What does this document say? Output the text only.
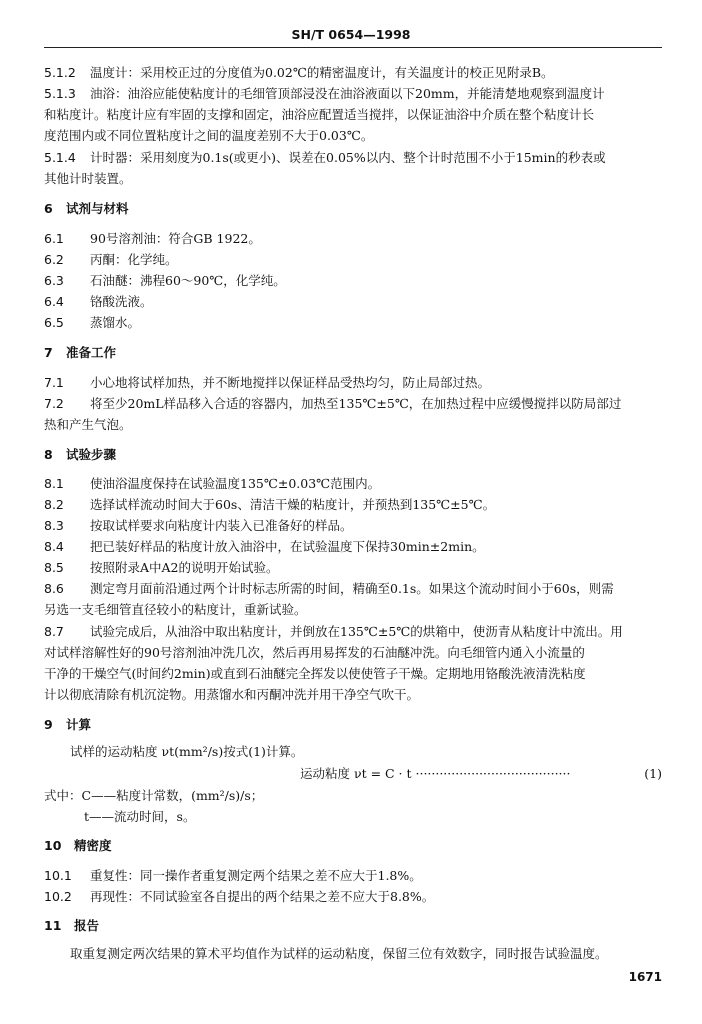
SH/T 0654—1998
5.1.2 温度计：采用校正过的分度值为0.02℃的精密温度计，有关温度计的校正见附录B。
5.1.3 油浴：油浴应能使粘度计的毛细管顶部浸没在油浴液面以下20mm，并能清楚地观察到温度计
和粘度计。粘度计应有牢固的支撑和固定，油浴应配置适当搅拌，以保证油浴中介质在整个粘度计长
度范围内或不同位置粘度计之间的温度差别不大于0.03℃。
5.1.4 计时器：采用刻度为0.1s(或更小)、误差在0.05%以内、整个计时范围不小于15min的秒表或
其他计时装置。
6 试剂与材料
6.1 90号溶剂油：符合GB 1922。
6.2 丙酮：化学纯。
6.3 石油醚：沸程60～90℃，化学纯。
6.4 铬酸洗液。
6.5 蒸馏水。
7 准备工作
7.1 小心地将试样加热，并不断地搅拌以保证样品受热均匀，防止局部过热。
7.2 将至少20mL样品移入合适的容器内，加热至135℃±5℃，在加热过程中应缓慢搅拌以防局部过
热和产生气泡。
8 试验步骤
8.1 使油浴温度保持在试验温度135℃±0.03℃范围内。
8.2 选择试样流动时间大于60s、清洁干燥的粘度计，并预热到135℃±5℃。
8.3 按取试样要求向粘度计内装入已准备好的样品。
8.4 把已装好样品的粘度计放入油浴中，在试验温度下保持30min±2min。
8.5 按照附录A中A2的说明开始试验。
8.6 测定弯月面前沿通过两个计时标志所需的时间，精确至0.1s。如果这个流动时间小于60s，则需
另选一支毛细管直径较小的粘度计，重新试验。
8.7 试验完成后，从油浴中取出粘度计，并倒放在135℃±5℃的烘箱中，使沥青从粘度计中流出。用
对试样溶解性好的90号溶剂油冲洗几次，然后再用易挥发的石油醚冲洗。向毛细管内通入小流量的
干净的干燥空气(时间约2min)或直到石油醚完全挥发以使使管子干燥。定期地用铬酸洗液清洗粘度
计以彻底清除有机沉淀物。用蒸馏水和丙酮冲洗并用干净空气吹干。
9 计算
试样的运动粘度 νt(mm²/s)按式(1)计算。
运动粘度 νt = C · t ·······································	(1)
式中：C——粘度计常数，(mm²/s)/s；
t——流动时间，s。
10 精密度
10.1 重复性：同一操作者重复测定两个结果之差不应大于1.8%。
10.2 再现性：不同试验室各自提出的两个结果之差不应大于8.8%。
11 报告
取重复测定两次结果的算术平均值作为试样的运动粘度，保留三位有效数字，同时报告试验温度。
1671
